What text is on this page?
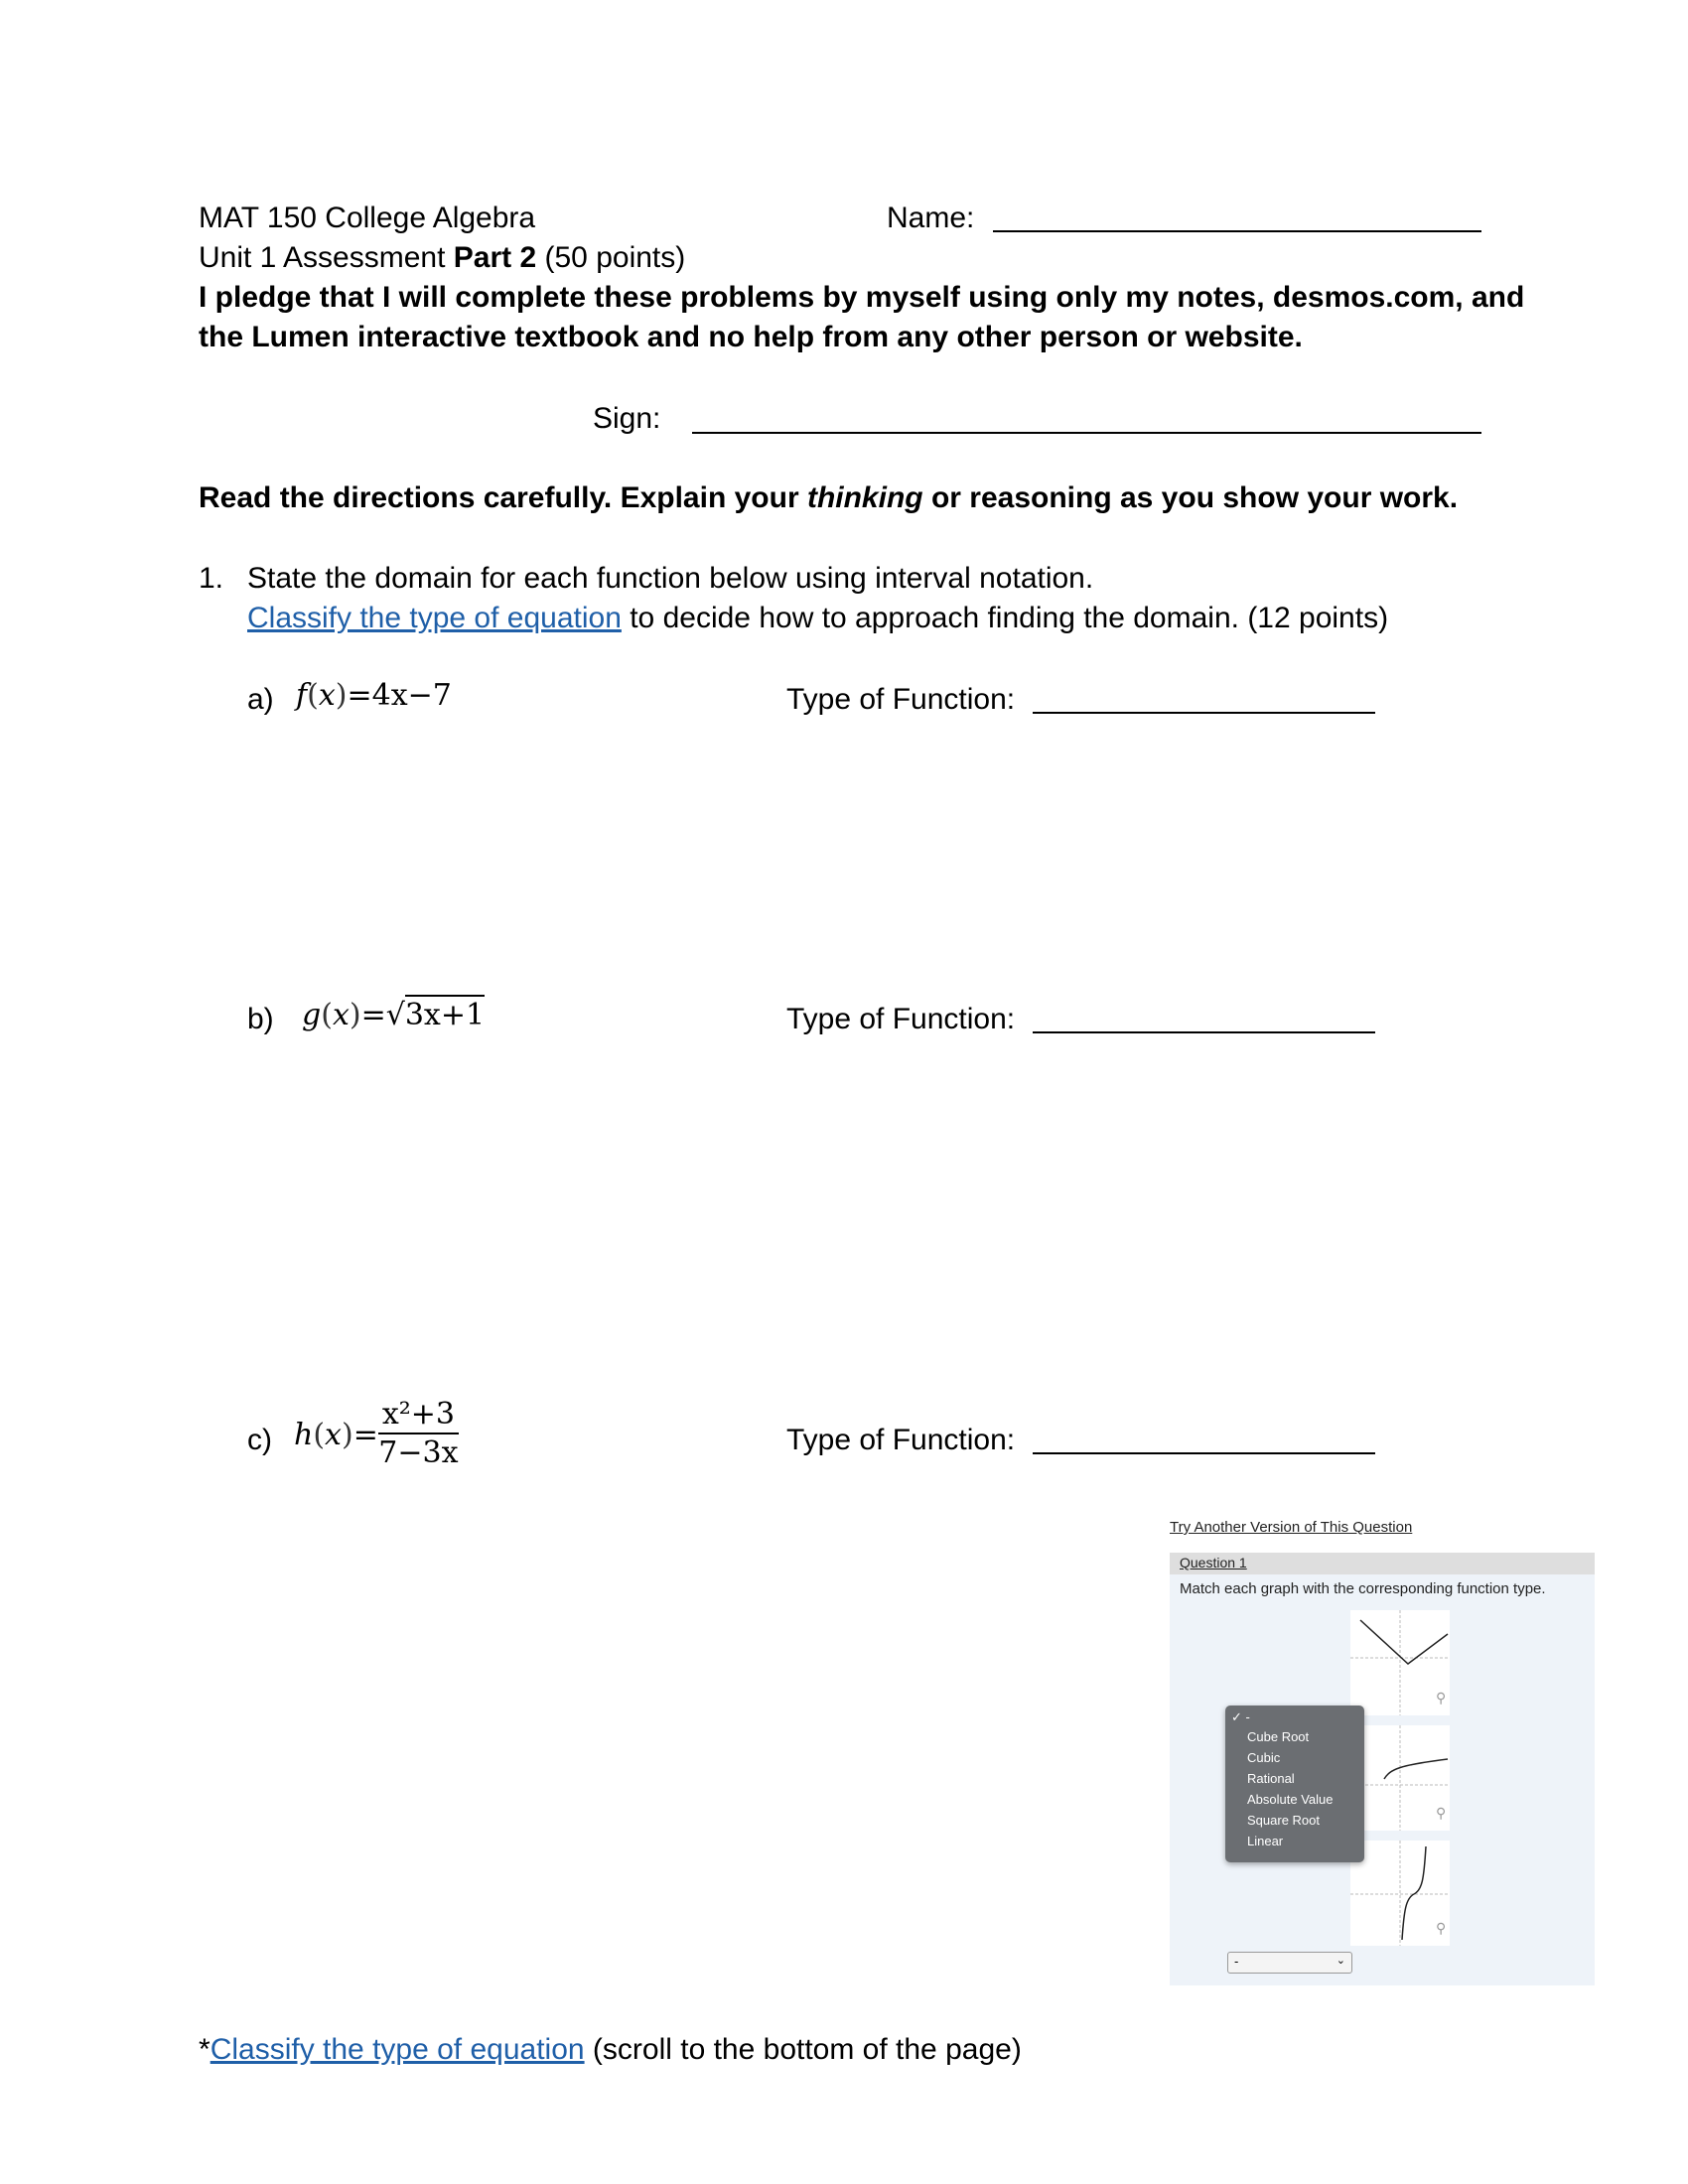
MAT 150 College Algebra	Name:
Unit 1 Assessment Part 2 (50 points)
I pledge that I will complete these problems by myself using only my notes, desmos.com, and
the Lumen interactive textbook and no help from any other person or website.
Sign:
Read the directions carefully. Explain your thinking or reasoning as you show your work.
1. State the domain for each function below using interval notation.
Classify the type of equation to decide how to approach finding the domain. (12 points)
a) f(x)=4x−7	Type of Function:
b) g(x)=√3x+1	Type of Function:
c) $h(x)= \frac{\text{x²+3}}{7-3x}$	Type of Function:
Try Another Version of This Question
Question 1
Match each graph with the corresponding function type.
⚲
⚲
⚲
✓ -
Cube Root
Cubic
Rational
Absolute Value
Square Root
Linear
-	⌄
*Classify the type of equation (scroll to the bottom of the page)
